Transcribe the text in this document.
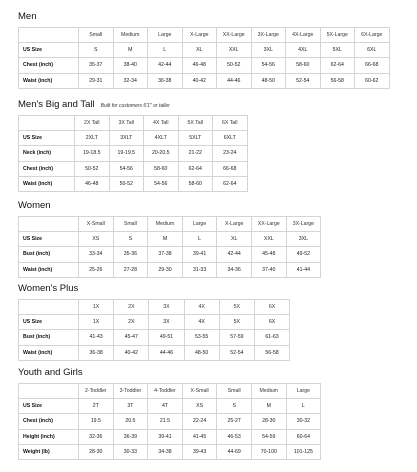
Men
	Small	Medium	Large	X-Large	XX-Large	3X-Large	4X-Large	5X-Large	6X-Large
US Size	S	M	L	XL	XXL	3XL	4XL	5XL	6XL
Chest (inch)	35-37	38-40	42-44	46-48	50-52	54-56	58-60	62-64	66-68
Waist (inch)	29-31	32-34	36-38	40-42	44-46	48-50	52-54	56-58	60-62
Men's Big and Tall Built for customers 6'1" or taller
	2X Tall	3X Tall	4X Tall	5X Tall	6X Tall
US Size	2XLT	3XLT	4XLT	5XLT	6XLT
Neck (inch)	19-18.5	19-19.5	20-20.5	21-22	23-24
Chest (inch)	50-52	54-56	58-60	62-64	66-68
Waist (inch)	46-48	50-52	54-56	58-60	62-64
Women
	X-Small	Small	Medium	Large	X-Large	XX-Large	3X-Large
US Size	XS	S	M	L	XL	XXL	3XL
Bust (inch)	33-34	35-36	37-38	39-41	42-44	45-48	49-52
Waist (inch)	25-26	27-28	29-30	31-33	34-36	37-40	41-44
Women's Plus
	1X	2X	3X	4X	5X	6X
US Size	1X	2X	3X	4X	5X	6X
Bust (inch)	41-43	45-47	49-51	53-55	57-59	61-63
Waist (inch)	36-38	40-42	44-46	48-50	52-54	56-58
Youth and Girls
	2-Toddler	3-Toddler	4-Toddler	X-Small	Small	Medium	Large
US Size	2T	3T	4T	XS	S	M	L
Chest (inch)	19.5	20.5	21.5	22-24	25-27	28-30	30-32
Height (inch)	32-36	36-39	39-41	41-45	46-53	54-59	60-64
Weight (lb)	28-30	30-33	34-38	39-43	44-69	70-100	101-125
